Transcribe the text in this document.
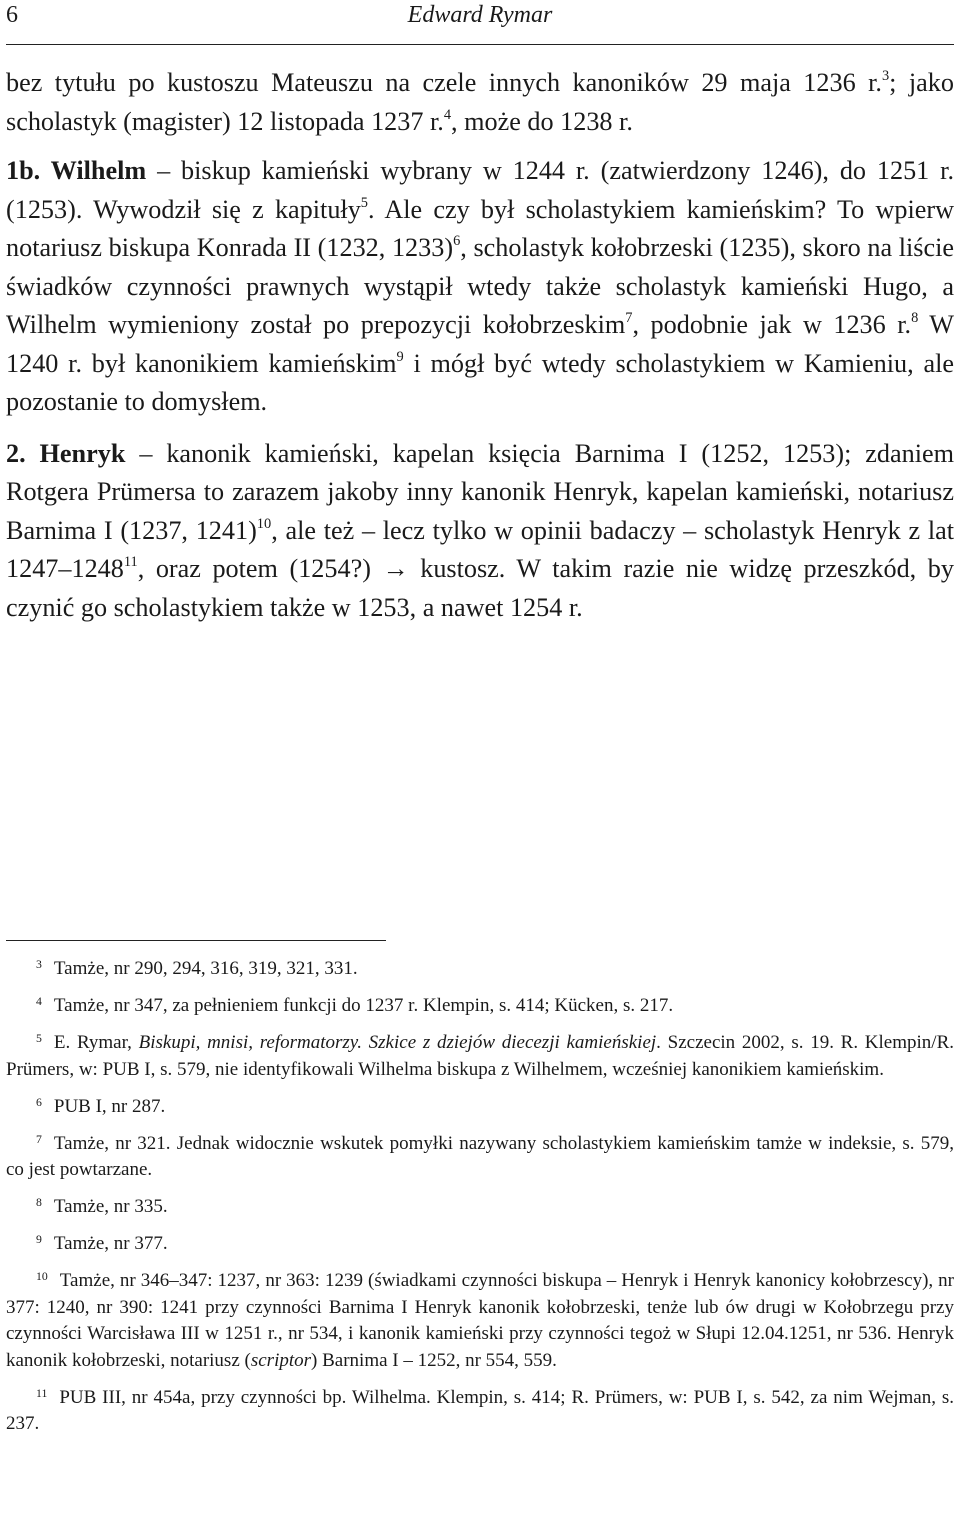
6	Edward Rymar

bez tytułu po kustoszu Mateuszu na czele innych kanoników 29 maja 1236 r.$^3$; jako scholastyk (magister) 12 listopada 1237 r.$^4$, może do 1238 r.

1b. Wilhelm – biskup kamieński wybrany w 1244 r. (zatwierdzony 1246), do 1251 r. (1253). Wywodził się z kapituły$^5$. Ale czy był scholastykiem kamieńskim? To wpierw notariusz biskupa Konrada II (1232, 1233)$^6$, scholastyk kołobrzeski (1235), skoro na liście świadków czynności prawnych wystąpił wtedy także scholastyk kamieński Hugo, a Wilhelm wymieniony został po prepozycji kołobrzeskim$^7$, podobnie jak w 1236 r.$^8$ W 1240 r. był kanonikiem kamieńskim$^9$ i mógł być wtedy scholastykiem w Kamieniu, ale pozostanie to domysłem.

2. Henryk – kanonik kamieński, kapelan księcia Barnima I (1252, 1253); zdaniem Rotgera Prümersa to zarazem jakoby inny kanonik Henryk, kapelan kamieński, notariusz Barnima I (1237, 1241)$^{10}$, ale też – lecz tylko w opinii badaczy – scholastyk Henryk z lat 1247–1248$^{11}$, oraz potem (1254?) → kustosz. W takim razie nie widzę przeszkód, by czynić go scholastykiem także w 1253, a nawet 1254 r.

$^3$ Tamże, nr 290, 294, 316, 319, 321, 331.

$^4$ Tamże, nr 347, za pełnieniem funkcji do 1237 r. Klempin, s. 414; Kücken, s. 217.

$^5$ E. Rymar, Biskupi, mnisi, reformatorzy. Szkice z dziejów diecezji kamieńskiej. Szczecin 2002, s. 19. R. Klempin/R. Prümers, w: PUB I, s. 579, nie identyfikowali Wilhelma biskupa z Wilhelmem, wcześniej kanonikiem kamieńskim.

$^6$ PUB I, nr 287.

$^7$ Tamże, nr 321. Jednak widocznie wskutek pomyłki nazywany scholastykiem kamieńskim tamże w indeksie, s. 579, co jest powtarzane.

$^8$ Tamże, nr 335.

$^9$ Tamże, nr 377.

$^{10}$ Tamże, nr 346–347: 1237, nr 363: 1239 (świadkami czynności biskupa – Henryk i Henryk kanonicy kołobrzescy), nr 377: 1240, nr 390: 1241 przy czynności Barnima I Henryk kanonik kołobrzeski, tenże lub ów drugi w Kołobrzegu przy czynności Warcisława III w 1251 r., nr 534, i kanonik kamieński przy czynności tegoż w Słupi 12.04.1251, nr 536. Henryk kanonik kołobrzeski, notariusz (scriptor) Barnima I – 1252, nr 554, 559.

$^{11}$ PUB III, nr 454a, przy czynności bp. Wilhelma. Klempin, s. 414; R. Prümers, w: PUB I, s. 542, za nim Wejman, s. 237.
